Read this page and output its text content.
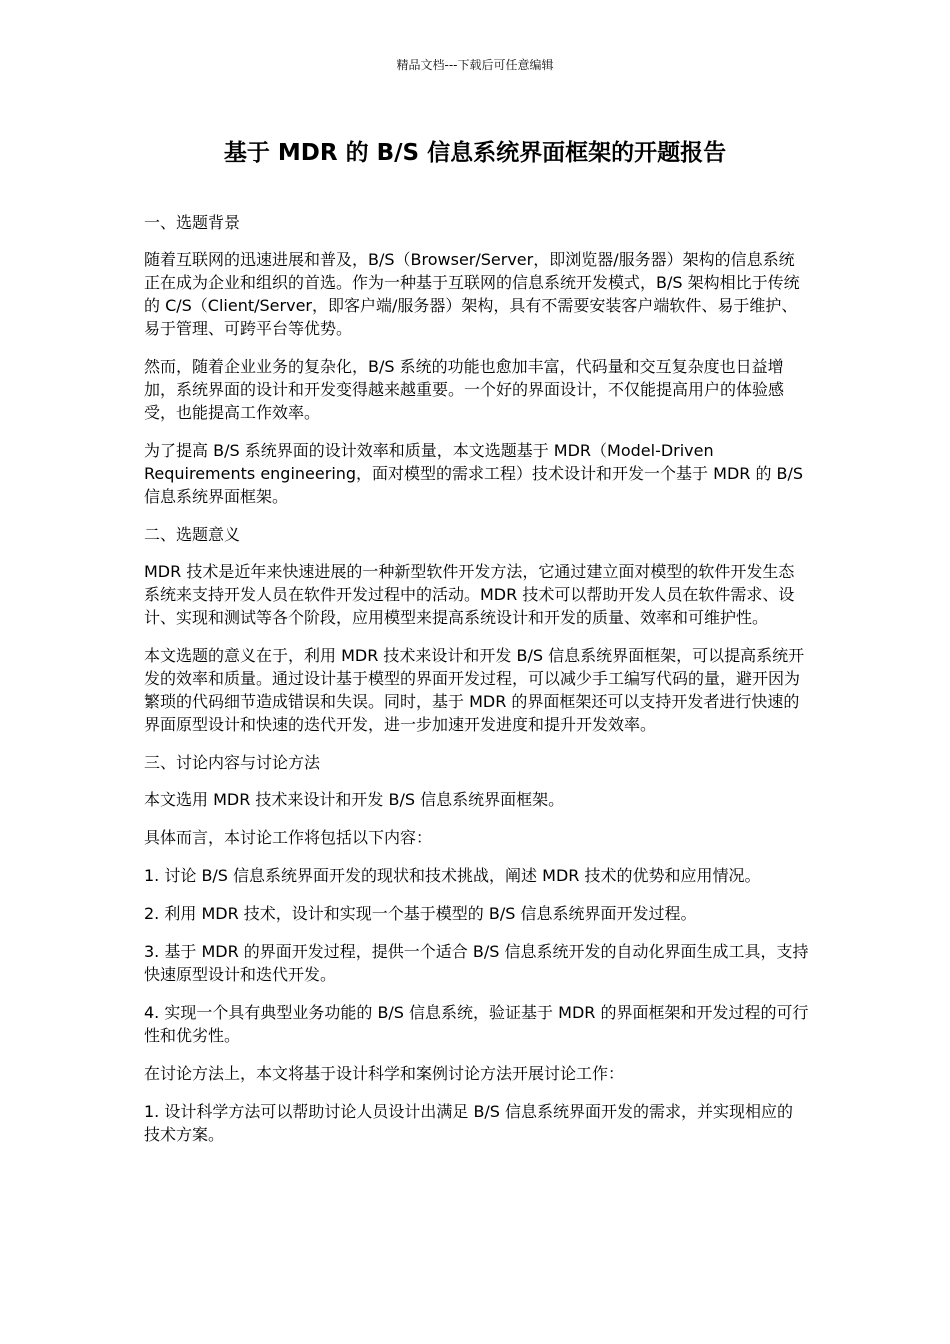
精品文档---下载后可任意编辑
基于 MDR 的 B/S 信息系统界面框架的开题报告

一、选题背景

随着互联网的迅速进展和普及，B/S（Browser/Server，即浏览器/服务器）架构的信息系统正在成为企业和组织的首选。作为一种基于互联网的信息系统开发模式，B/S 架构相比于传统的 C/S（Client/Server，即客户端/服务器）架构，具有不需要安装客户端软件、易于维护、易于管理、可跨平台等优势。

然而，随着企业业务的复杂化，B/S 系统的功能也愈加丰富，代码量和交互复杂度也日益增加，系统界面的设计和开发变得越来越重要。一个好的界面设计，不仅能提高用户的体验感受，也能提高工作效率。

为了提高 B/S 系统界面的设计效率和质量，本文选题基于 MDR（Model-Driven Requirements engineering，面对模型的需求工程）技术设计和开发一个基于 MDR 的 B/S 信息系统界面框架。

二、选题意义

MDR 技术是近年来快速进展的一种新型软件开发方法，它通过建立面对模型的软件开发生态系统来支持开发人员在软件开发过程中的活动。MDR 技术可以帮助开发人员在软件需求、设计、实现和测试等各个阶段，应用模型来提高系统设计和开发的质量、效率和可维护性。

本文选题的意义在于，利用 MDR 技术来设计和开发 B/S 信息系统界面框架，可以提高系统开发的效率和质量。通过设计基于模型的界面开发过程，可以减少手工编写代码的量，避开因为繁琐的代码细节造成错误和失误。同时，基于 MDR 的界面框架还可以支持开发者进行快速的界面原型设计和快速的迭代开发，进一步加速开发进度和提升开发效率。

三、讨论内容与讨论方法

本文选用 MDR 技术来设计和开发 B/S 信息系统界面框架。

具体而言，本讨论工作将包括以下内容：

1. 讨论 B/S 信息系统界面开发的现状和技术挑战，阐述 MDR 技术的优势和应用情况。

2. 利用 MDR 技术，设计和实现一个基于模型的 B/S 信息系统界面开发过程。

3. 基于 MDR 的界面开发过程，提供一个适合 B/S 信息系统开发的自动化界面生成工具，支持快速原型设计和迭代开发。

4. 实现一个具有典型业务功能的 B/S 信息系统，验证基于 MDR 的界面框架和开发过程的可行性和优劣性。

在讨论方法上，本文将基于设计科学和案例讨论方法开展讨论工作：

1. 设计科学方法可以帮助讨论人员设计出满足 B/S 信息系统界面开发的需求，并实现相应的技术方案。
